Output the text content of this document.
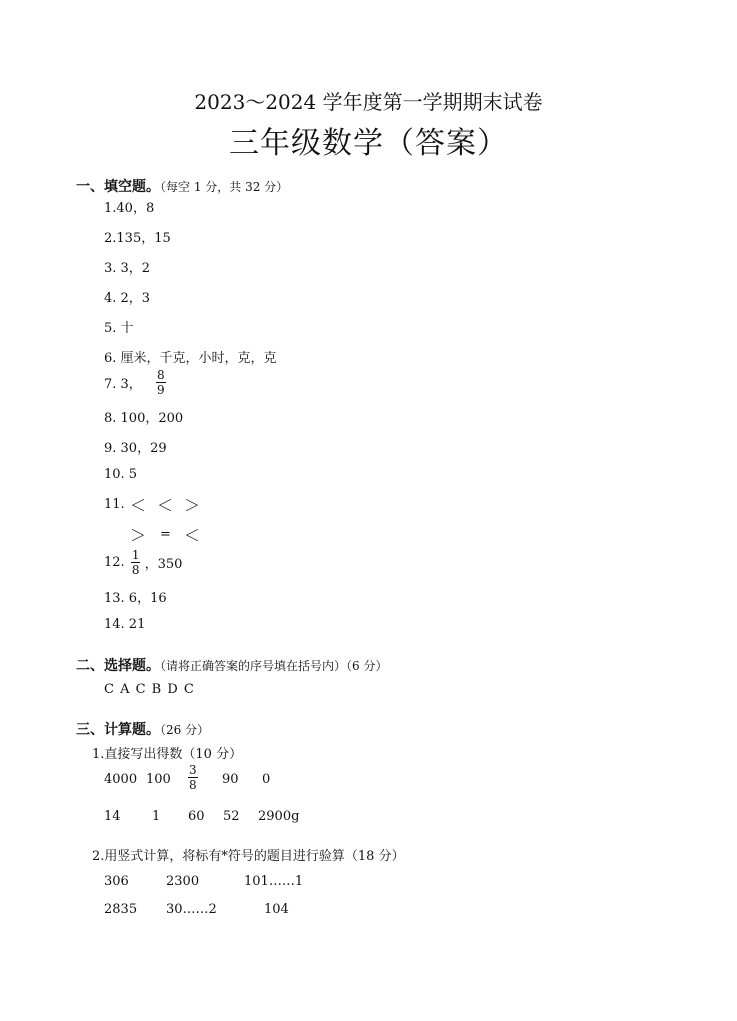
2023～2024 学年度第一学期期末试卷
三年级数学（答案）
一、填空题。（每空 1 分，共 32 分）
1.40，8
2.135，15
3. 3，2
4. 2，3
5. 十
6. 厘米，千克，小时，克，克
7. 3， $\frac{8}{9}$
8. 100，200
9. 30，29
10. 5
11. ＜ ＜ ＞
＞ = ＜
12. $\frac{1}{8}$ ，350
13. 6，16
14. 21
二、选择题。（请将正确答案的序号填在括号内）（6 分）
C A C B D C
三、计算题。（26 分）
1.直接写出得数（10 分）
4000 $100 \frac{3}{8} 90$ 0
14 1 60 52 2900g
2.用竖式计算，将标有*符号的题目进行验算（18 分）
306	2300	101……1
2835 30……2	104
